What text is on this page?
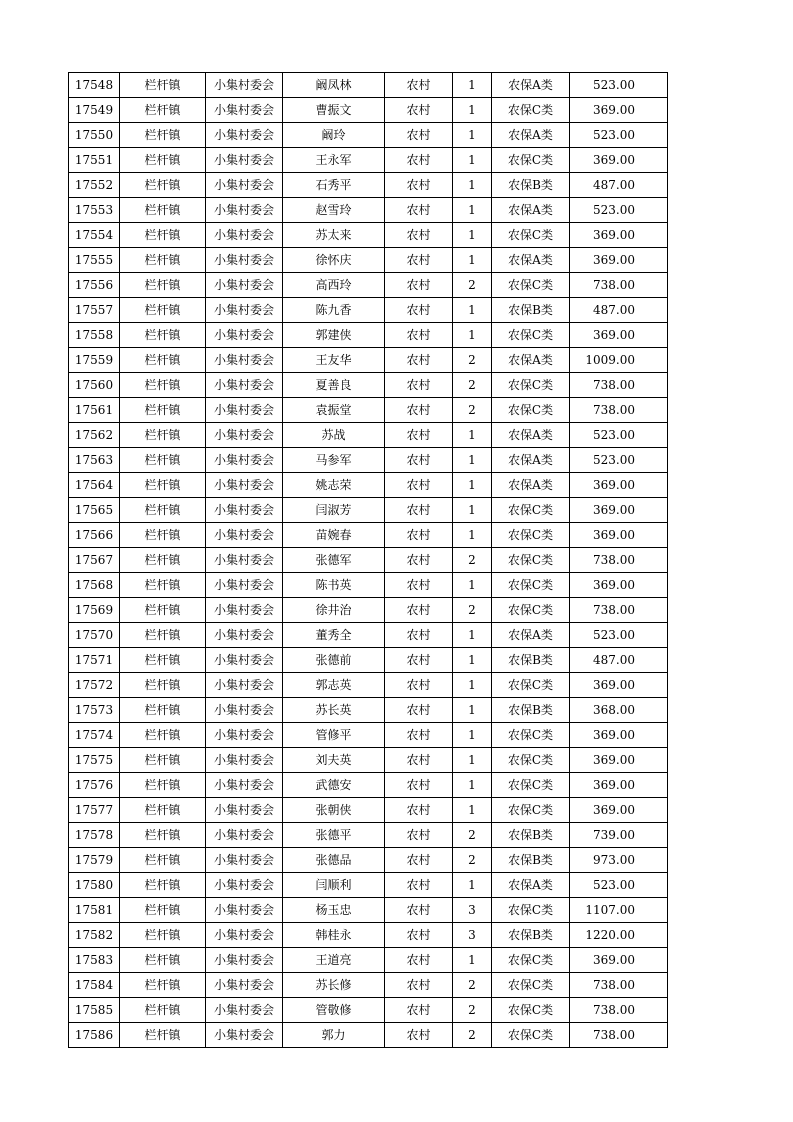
17548	栏杆镇	小集村委会	阚凤林	农村	1	农保A类	523.00
17549	栏杆镇	小集村委会	曹振文	农村	1	农保C类	369.00
17550	栏杆镇	小集村委会	阚玲	农村	1	农保A类	523.00
17551	栏杆镇	小集村委会	王永军	农村	1	农保C类	369.00
17552	栏杆镇	小集村委会	石秀平	农村	1	农保B类	487.00
17553	栏杆镇	小集村委会	赵雪玲	农村	1	农保A类	523.00
17554	栏杆镇	小集村委会	苏太来	农村	1	农保C类	369.00
17555	栏杆镇	小集村委会	徐怀庆	农村	1	农保A类	369.00
17556	栏杆镇	小集村委会	高西玲	农村	2	农保C类	738.00
17557	栏杆镇	小集村委会	陈九香	农村	1	农保B类	487.00
17558	栏杆镇	小集村委会	郭建侠	农村	1	农保C类	369.00
17559	栏杆镇	小集村委会	王友华	农村	2	农保A类	1009.00
17560	栏杆镇	小集村委会	夏善良	农村	2	农保C类	738.00
17561	栏杆镇	小集村委会	袁振堂	农村	2	农保C类	738.00
17562	栏杆镇	小集村委会	苏战	农村	1	农保A类	523.00
17563	栏杆镇	小集村委会	马参军	农村	1	农保A类	523.00
17564	栏杆镇	小集村委会	姚志荣	农村	1	农保A类	369.00
17565	栏杆镇	小集村委会	闫淑芳	农村	1	农保C类	369.00
17566	栏杆镇	小集村委会	苗婉春	农村	1	农保C类	369.00
17567	栏杆镇	小集村委会	张德军	农村	2	农保C类	738.00
17568	栏杆镇	小集村委会	陈书英	农村	1	农保C类	369.00
17569	栏杆镇	小集村委会	徐井治	农村	2	农保C类	738.00
17570	栏杆镇	小集村委会	董秀全	农村	1	农保A类	523.00
17571	栏杆镇	小集村委会	张德前	农村	1	农保B类	487.00
17572	栏杆镇	小集村委会	郭志英	农村	1	农保C类	369.00
17573	栏杆镇	小集村委会	苏长英	农村	1	农保B类	368.00
17574	栏杆镇	小集村委会	管修平	农村	1	农保C类	369.00
17575	栏杆镇	小集村委会	刘夫英	农村	1	农保C类	369.00
17576	栏杆镇	小集村委会	武德安	农村	1	农保C类	369.00
17577	栏杆镇	小集村委会	张朝侠	农村	1	农保C类	369.00
17578	栏杆镇	小集村委会	张德平	农村	2	农保B类	739.00
17579	栏杆镇	小集村委会	张德品	农村	2	农保B类	973.00
17580	栏杆镇	小集村委会	闫顺利	农村	1	农保A类	523.00
17581	栏杆镇	小集村委会	杨玉忠	农村	3	农保C类	1107.00
17582	栏杆镇	小集村委会	韩桂永	农村	3	农保B类	1220.00
17583	栏杆镇	小集村委会	王道亮	农村	1	农保C类	369.00
17584	栏杆镇	小集村委会	苏长修	农村	2	农保C类	738.00
17585	栏杆镇	小集村委会	管敬修	农村	2	农保C类	738.00
17586	栏杆镇	小集村委会	郭力	农村	2	农保C类	738.00
